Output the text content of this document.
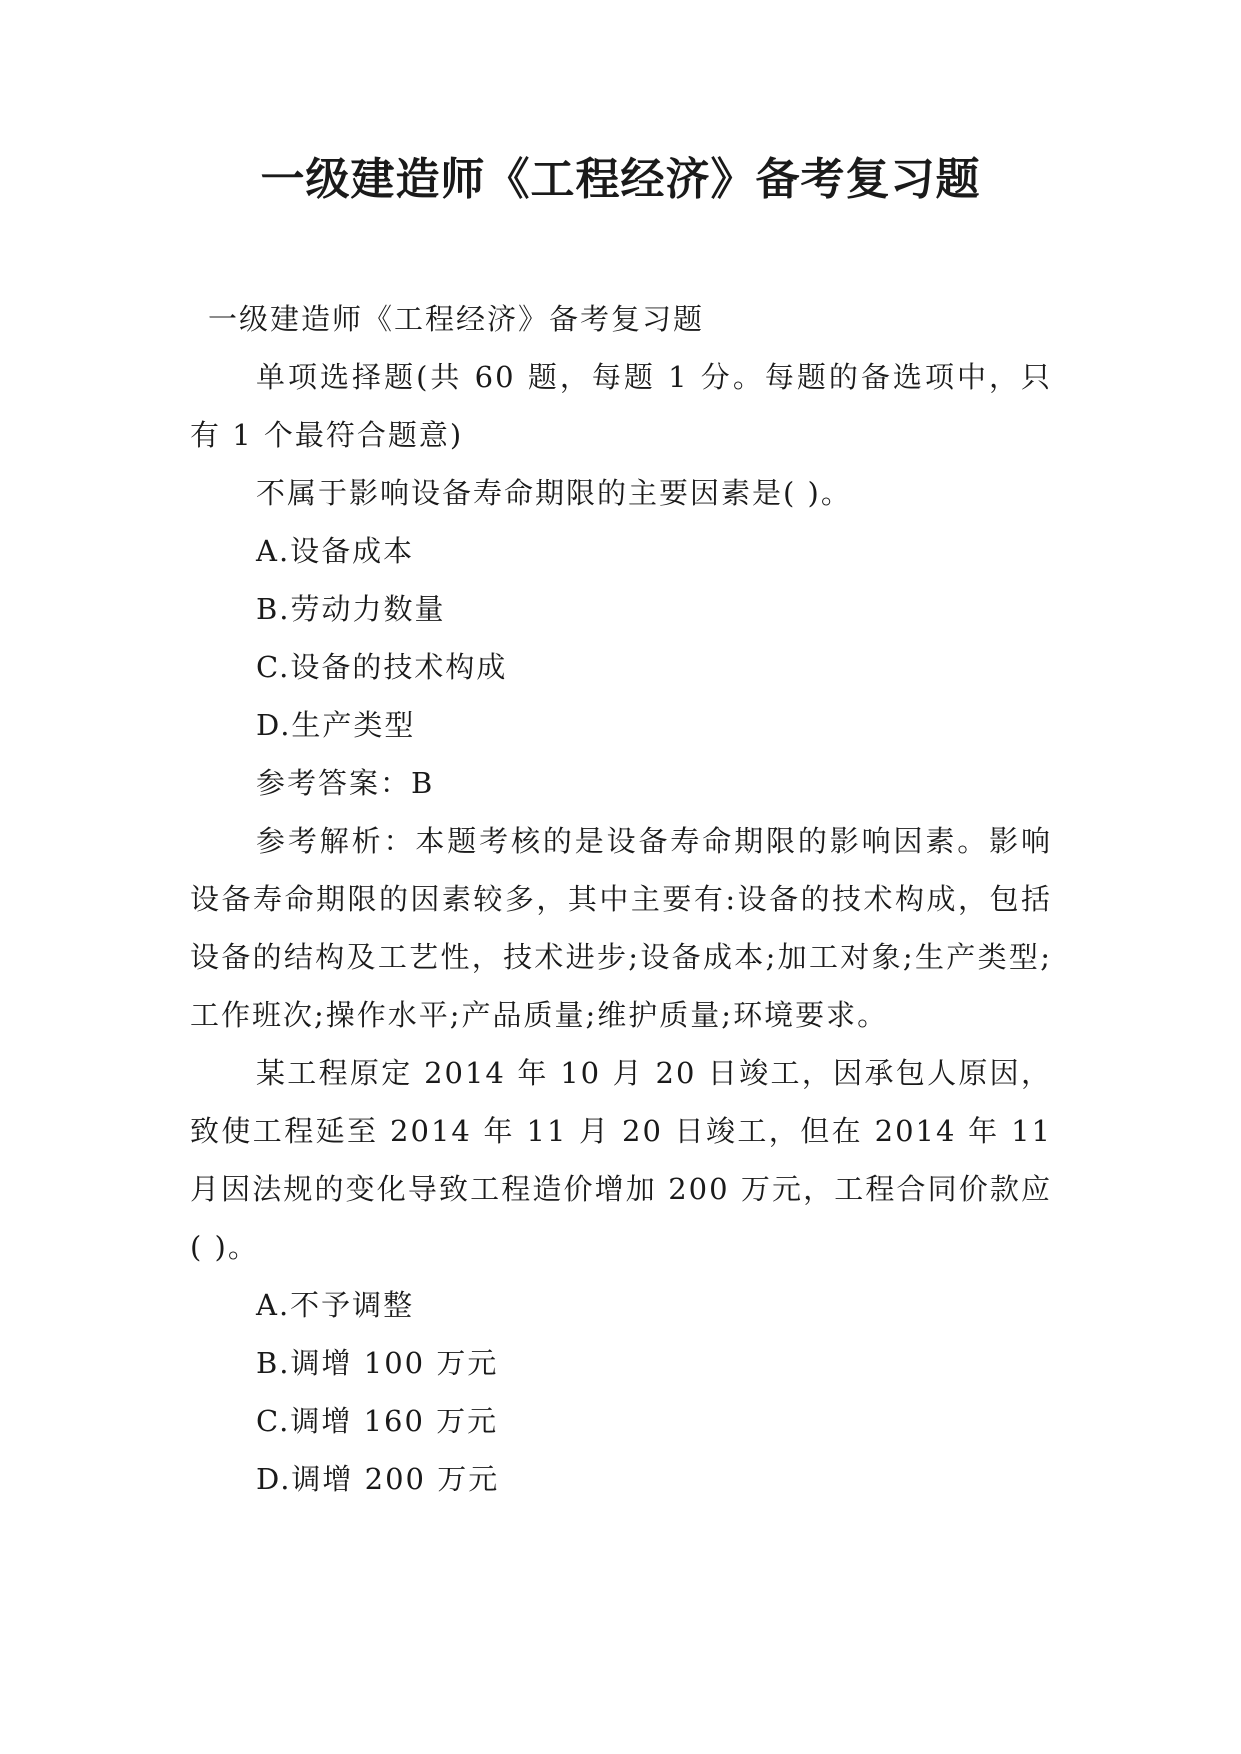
一级建造师《工程经济》备考复习题

一级建造师《工程经济》备考复习题

单项选择题(共 60 题，每题 1 分。每题的备选项中，只有 1 个最符合题意)

不属于影响设备寿命期限的主要因素是( )。

A.设备成本

B.劳动力数量

C.设备的技术构成

D.生产类型

参考答案：B

参考解析：本题考核的是设备寿命期限的影响因素。影响设备寿命期限的因素较多，其中主要有:设备的技术构成，包括设备的结构及工艺性，技术进步;设备成本;加工对象;生产类型;工作班次;操作水平;产品质量;维护质量;环境要求。

某工程原定 2014 年 10 月 20 日竣工，因承包人原因，致使工程延至 2014 年 11 月 20 日竣工，但在 2014 年 11 月因法规的变化导致工程造价增加 200 万元，工程合同价款应( )。

A.不予调整

B.调增 100 万元

C.调增 160 万元

D.调增 200 万元
